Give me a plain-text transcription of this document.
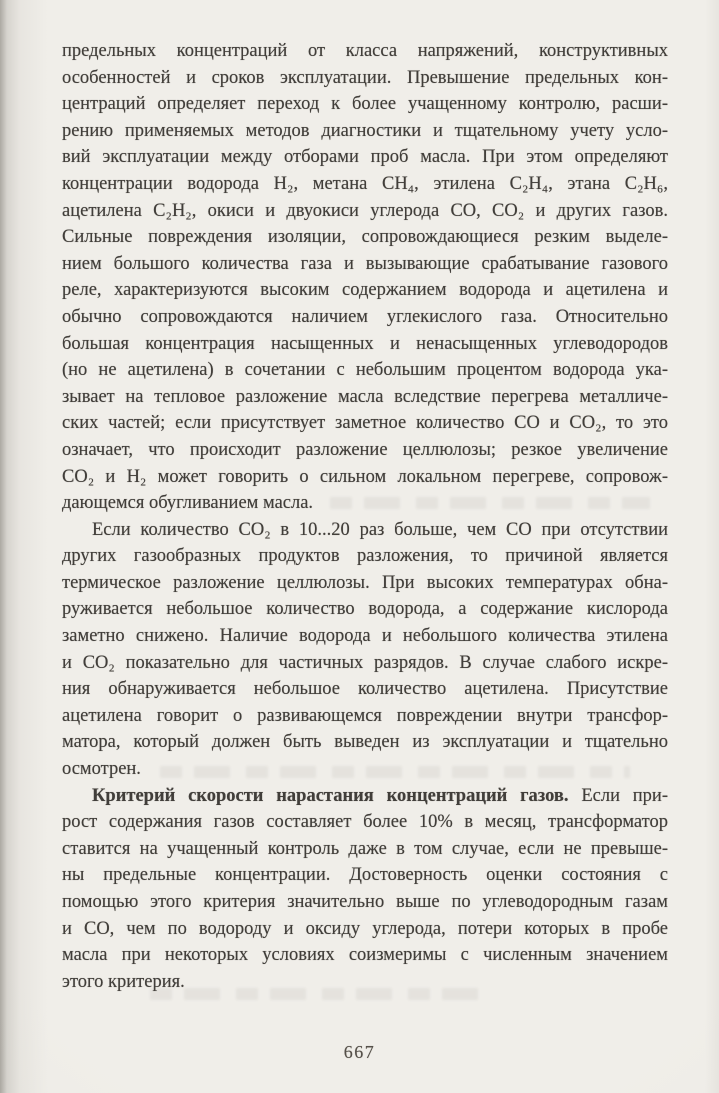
предельных концентраций от класса напряжений, конструктивных
особенностей и сроков эксплуатации. Превышение предельных кон-
центраций определяет переход к более учащенному контролю, расши-
рению применяемых методов диагностики и тщательному учету усло-
вий эксплуатации между отборами проб масла. При этом определяют
концентрации водорода H₂, метана CH₄, этилена C₂H₄, этана C₂H₆,
ацетилена C₂H₂, окиси и двуокиси углерода CO, CO₂ и других газов.
Сильные повреждения изоляции, сопровождающиеся резким выделе-
нием большого количества газа и вызывающие срабатывание газового
реле, характеризуются высоким содержанием водорода и ацетилена и
обычно сопровождаются наличием углекислого газа. Относительно
большая концентрация насыщенных и ненасыщенных углеводородов
(но не ацетилена) в сочетании с небольшим процентом водорода ука-
зывает на тепловое разложение масла вследствие перегрева металличе-
ских частей; если присутствует заметное количество CO и CO₂, то это
означает, что происходит разложение целлюлозы; резкое увеличение
CO₂ и H₂ может говорить о сильном локальном перегреве, сопровож-
дающемся обугливанием масла.
Если количество CO₂ в 10...20 раз больше, чем CO при отсутствии
других газообразных продуктов разложения, то причиной является
термическое разложение целлюлозы. При высоких температурах обна-
руживается небольшое количество водорода, а содержание кислорода
заметно снижено. Наличие водорода и небольшого количества этилена
и CO₂ показательно для частичных разрядов. В случае слабого искре-
ния обнаруживается небольшое количество ацетилена. Присутствие
ацетилена говорит о развивающемся повреждении внутри трансфор-
матора, который должен быть выведен из эксплуатации и тщательно
осмотрен.
Критерий скорости нарастания концентраций газов. Если при-
рост содержания газов составляет более 10% в месяц, трансформатор
ставится на учащенный контроль даже в том случае, если не превыше-
ны предельные концентрации. Достоверность оценки состояния с
помощью этого критерия значительно выше по углеводородным газам
и CO, чем по водороду и оксиду углерода, потери которых в пробе
масла при некоторых условиях соизмеримы с численным значением
этого критерия.
667
